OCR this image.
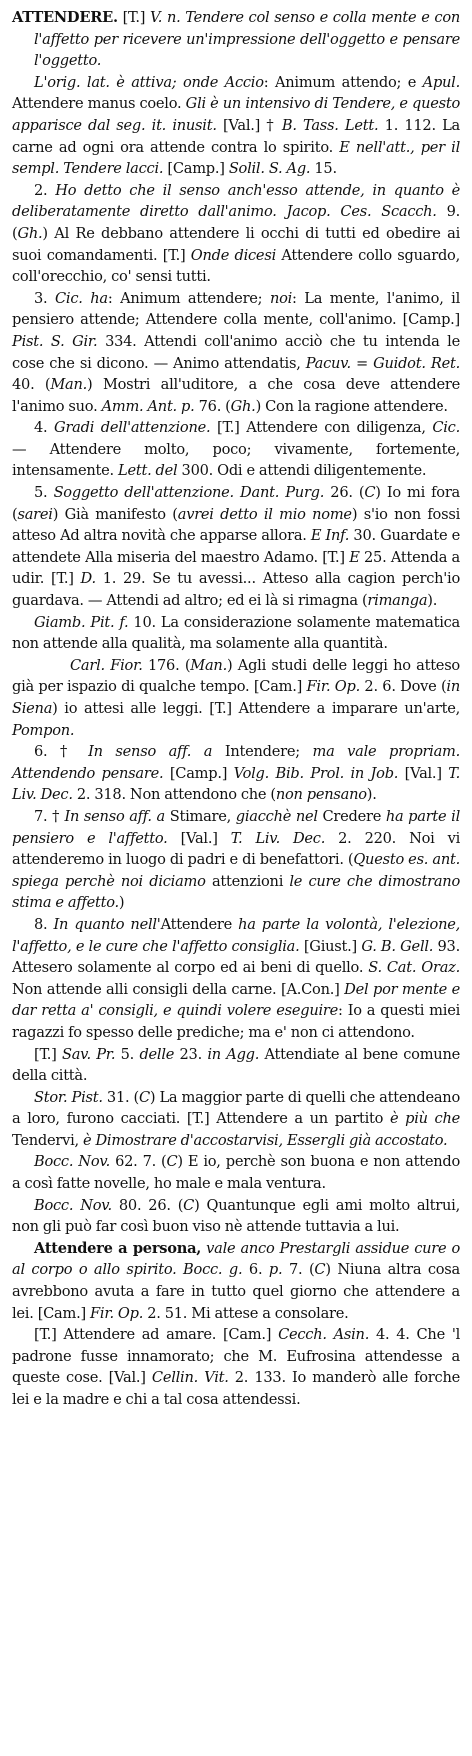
ATTENDERE. [T.] V. n. Tendere col senso e colla mente e con l'affetto per ricevere un'impressione dell'oggetto e pensare l'oggetto.

L'orig. lat. è attiva; onde Accio: Animum attendo; e Apul. Attendere manus coelo. Gli è un intensivo di Tendere, e questo apparisce dal seg. it. inusit. [Val.] † B. Tass. Lett. 1. 112. La carne ad ogni ora attende contra lo spirito. E nell'att., per il sempl. Tendere lacci. [Camp.] Solil. S. Ag. 15.

2. Ho detto che il senso anch'esso attende, in quanto è deliberatamente diretto dall'animo. Jacop. Ces. Scacch. 9. (Gh.) Al Re debbano attendere li occhi di tutti ed obedire ai suoi comandamenti. [T.] Onde dicesi Attendere collo sguardo, coll'orecchio, co' sensi tutti.

3. Cic. ha: Animum attendere; noi: La mente, l'animo, il pensiero attende; Attendere colla mente, coll'animo. [Camp.] Pist. S. Gir. 334. Attendi coll'animo acciò che tu intenda le cose che si dicono. — Animo attendatis, Pacuv. = Guidot. Ret. 40. (Man.) Mostri all'uditore, a che cosa deve attendere l'animo suo. Amm. Ant. p. 76. (Gh.) Con la ragione attendere.

4. Gradi dell'attenzione. [T.] Attendere con diligenza, Cic. — Attendere molto, poco; vivamente, fortemente, intensamente. Lett. del 300. Odi e attendi diligentemente.

5. Soggetto dell'attenzione. Dant. Purg. 26. (C) Io mi fora (sarei) Già manifesto (avrei detto il mio nome) s'io non fossi atteso Ad altra novità che apparse allora. E Inf. 30. Guardate e attendete Alla miseria del maestro Adamo. [T.] E 25. Attenda a udir. [T.] D. 1. 29. Se tu avessi... Atteso alla cagion perch'io guardava. — Attendi ad altro; ed ei là si rimagna (rimanga).

Giamb. Pit. f. 10. La considerazione solamente matematica non attende alla qualità, ma solamente alla quantità.

Carl. Fior. 176. (Man.) Agli studi delle leggi ho atteso già per ispazio di qualche tempo. [Cam.] Fir. Op. 2. 6. Dove (in Siena) io attesi alle leggi. [T.] Attendere a imparare un'arte, Pompon.

6. † In senso aff. a Intendere; ma vale propriam. Attendendo pensare. [Camp.] Volg. Bib. Prol. in Job. [Val.] T. Liv. Dec. 2. 318. Non attendono che (non pensano).

7. † In senso aff. a Stimare, giacchè nel Credere ha parte il pensiero e l'affetto. [Val.] T. Liv. Dec. 2. 220. Noi vi attenderemo in luogo di padri e di benefattori. (Questo es. ant. spiega perchè noi diciamo attenzioni le cure che dimostrano stima e affetto.)

8. In quanto nell'Attendere ha parte la volontà, l'elezione, l'affetto, e le cure che l'affetto consiglia. [Giust.] G. B. Gell. 93. Attesero solamente al corpo ed ai beni di quello. S. Cat. Oraz. Non attende alli consigli della carne. [A.Con.] Del por mente e dar retta a' consigli, e quindi volere eseguire: Io a questi miei ragazzi fo spesso delle prediche; ma e' non ci attendono.

[T.] Sav. Pr. 5. delle 23. in Agg. Attendiate al bene comune della città.

Stor. Pist. 31. (C) La maggior parte di quelli che attendeano a loro, furono cacciati. [T.] Attendere a un partito è più che Tendervi, è Dimostrare d'accostarvisi, Essergli già accostato.

Bocc. Nov. 62. 7. (C) E io, perchè son buona e non attendo a così fatte novelle, ho male e mala ventura.

Bocc. Nov. 80. 26. (C) Quantunque egli ami molto altrui, non gli può far così buon viso nè attende tuttavia a lui.

Attendere a persona, vale anco Prestargli assidue cure o al corpo o allo spirito. Bocc. g. 6. p. 7. (C) Niuna altra cosa avrebbono avuta a fare in tutto quel giorno che attendere a lei. [Cam.] Fir. Op. 2. 51. Mi attese a consolare.

[T.] Attendere ad amare. [Cam.] Cecch. Asin. 4. 4. Che 'l padrone fusse innamorato; che M. Eufrosina attendesse a queste cose. [Val.] Cellin. Vit. 2. 133. Io manderò alle forche lei e la madre e chi a tal cosa attendessi.
